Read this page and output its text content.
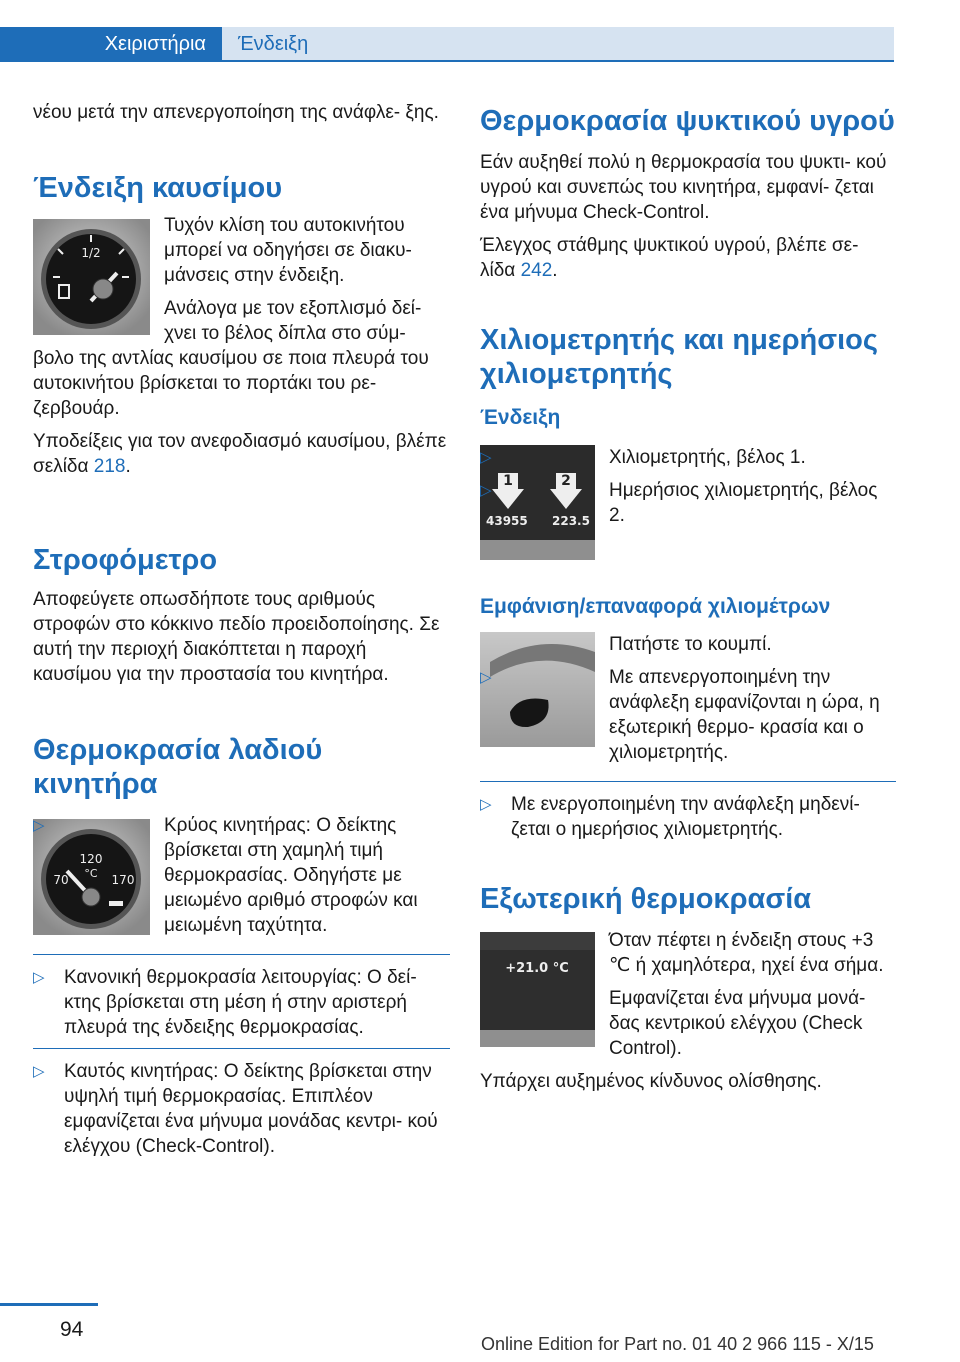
Χειριστήρια Ένδειξη

νέου μετά την απενεργοποίηση της ανάφλε‐ ξης.

Ένδειξη καυσίμου
1/2

Τυχόν κλίση του αυτοκινήτου μπορεί να οδηγήσει σε διακυ‐ μάνσεις στην ένδειξη.

Ανάλογα με τον εξοπλισμό δεί‐ χνει το βέλος δίπλα στο σύμ‐ βολο της αντλίας καυσίμου σε ποια πλευρά του αυτοκινήτου βρίσκεται το πορτάκι του ρε‐ ζερβουάρ.

Υποδείξεις για τον ανεφοδιασμό καυσίμου, βλέπε σελίδα 218.

Στροφόμετρο

Αποφεύγετε οπωσδήποτε τους αριθμούς στροφών στο κόκκινο πεδίο προειδοποίησης. Σε αυτή την περιοχή διακόπτεται η παροχή καυσίμου για την προστασία του κινητήρα.

Θερμοκρασία λαδιού κινητήρα
120
°C
70	170
▷ Κρύος κινητήρας: Ο δείκτης βρίσκεται στη χαμηλή τιμή θερμοκρασίας. Οδηγήστε με μειωμένο αριθμό στροφών και μειωμένη ταχύτητα.
▷ Κανονική θερμοκρασία λειτουργίας: Ο δεί‐ κτης βρίσκεται στη μέση ή στην αριστερή πλευρά της ένδειξης θερμοκρασίας.
▷ Καυτός κινητήρας: Ο δείκτης βρίσκεται στην υψηλή τιμή θερμοκρασίας. Επιπλέον εμφανίζεται ένα μήνυμα μονάδας κεντρι‐ κού ελέγχου (Check-Control).
Θερμοκρασία ψυκτικού υγρού

Εάν αυξηθεί πολύ η θερμοκρασία του ψυκτι‐ κού υγρού και συνεπώς του κινητήρα, εμφανί‐ ζεται ένα μήνυμα Check-Control.

Έλεγχος στάθμης ψυκτικού υγρού, βλέπε σε‐ λίδα 242.

Χιλιομετρητής και ημερήσιος χιλιομετρητής
Ένδειξη
1	2
43955 223.5
▷ Χιλιομετρητής, βέλος 1.
▷ Ημερήσιος χιλιομετρητής, βέλος 2.
Εμφάνιση/επαναφορά χιλιομέτρων

Πατήστε το κουμπί.

▷ Με απενεργοποιημένη την ανάφλεξη εμφανίζονται η ώρα, η εξωτερική θερμο‐ κρασία και ο χιλιομετρητής.
▷ Με ενεργοποιημένη την ανάφλεξη μηδενί‐ ζεται ο ημερήσιος χιλιομετρητής.
Εξωτερική θερμοκρασία
+21.0 °C

Όταν πέφτει η ένδειξη στους +3 ℃ ή χαμηλότερα, ηχεί ένα σήμα.

Εμφανίζεται ένα μήνυμα μονά‐ δας κεντρικού ελέγχου (Check Control).

Υπάρχει αυξημένος κίνδυνος ολίσθησης.

94
Online Edition for Part no. 01 40 2 966 115 - X/15
